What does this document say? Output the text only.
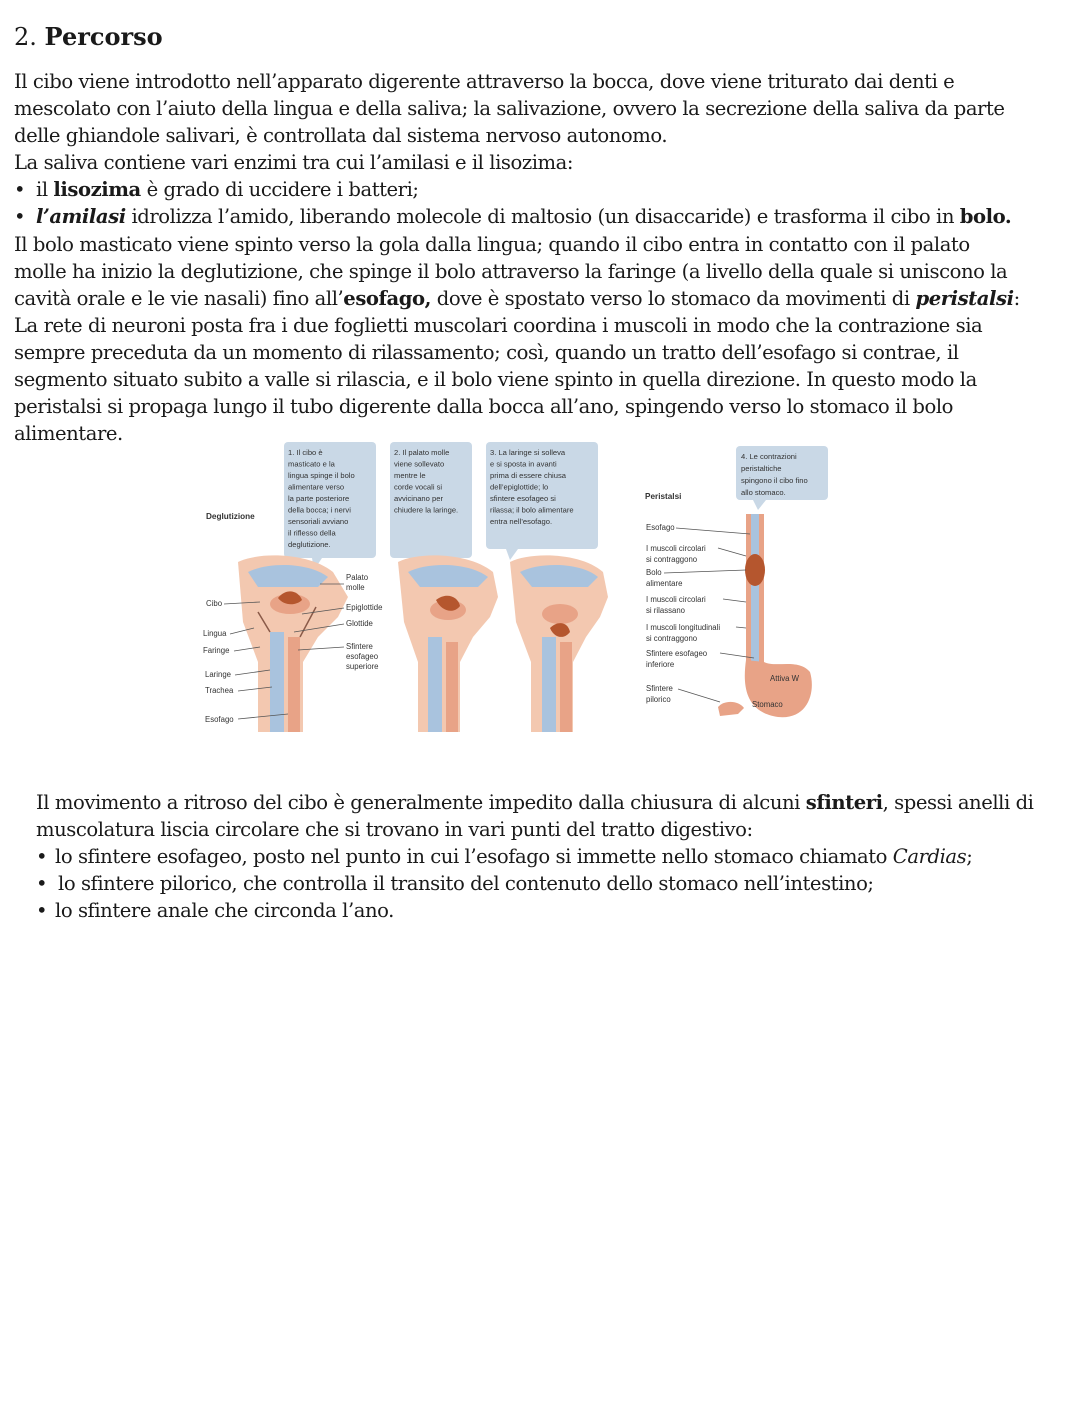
2. Percorso
Il cibo viene introdotto nell’apparato digerente attraverso la bocca, dove viene triturato dai denti e
mescolato con l’aiuto della lingua e della saliva; la salivazione, ovvero la secrezione della saliva da parte
delle ghiandole salivari, è controllata dal sistema nervoso autonomo.
La saliva contiene vari enzimi tra cui l’amilasi e il lisozima:
• il lisozima è grado di uccidere i batteri;
• l’amilasi idrolizza l’amido, liberando molecole di maltosio (un disaccaride) e trasforma il cibo in bolo.
Il bolo masticato viene spinto verso la gola dalla lingua; quando il cibo entra in contatto con il palato
molle ha inizio la deglutizione, che spinge il bolo attraverso la faringe (a livello della quale si uniscono la
cavità orale e le vie nasali) fino all’esofago, dove è spostato verso lo stomaco da movimenti di peristalsi:
La rete di neuroni posta fra i due foglietti muscolari coordina i muscoli in modo che la contrazione sia
sempre preceduta da un momento di rilassamento; così, quando un tratto dell’esofago si contrae, il
segmento situato subito a valle si rilascia, e il bolo viene spinto in quella direzione. In questo modo la
peristalsi si propaga lungo il tubo digerente dalla bocca all’ano, spingendo verso lo stomaco il bolo
alimentare.
1. Il cibo è masticato e la lingua spinge il bolo alimentare verso la parte posteriore della bocca; i nervi sensoriali avviano il riflesso della deglutizione.
2. Il palato molle viene sollevato mentre le corde vocali si avvicinano per chiudere la laringe.
3. La laringe si solleva e si sposta in avanti prima di essere chiusa dell’epiglottide; lo sfintere esofageo si rilassa; il bolo alimentare entra nell’esofago.
4. Le contrazioni peristaltiche spingono il cibo fino allo stomaco.
Deglutizione
Peristalsi
Cibo
Lingua
Faringe
Laringe
Trachea
Esofago
Palato molle
Epiglottide
Glottide
Sfintere esofageo superiore
Esofago
I muscoli circolari si contraggono
Bolo alimentare
I muscoli circolari si rilassano
I muscoli longitudinali si contraggono
Sfintere esofageo inferiore
Sfintere pilorico
Stomaco
Attiva W
Il movimento a ritroso del cibo è generalmente impedito dalla chiusura di alcuni sfinteri, spessi anelli di
muscolatura liscia circolare che si trovano in vari punti del tratto digestivo:
• lo sfintere esofageo, posto nel punto in cui l’esofago si immette nello stomaco chiamato Cardias;
• lo sfintere pilorico, che controlla il transito del contenuto dello stomaco nell’intestino;
• lo sfintere anale che circonda l’ano.
